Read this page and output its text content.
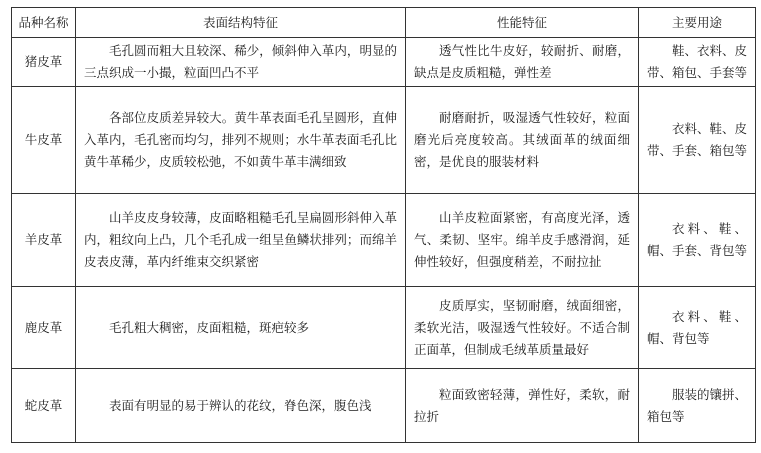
品种名称	表面结构特征	性能特征	主要用途
猪皮革	毛孔圆而粗大且较深、稀少，倾斜伸入革内，明显的三点织成一小撮，粒面凹凸不平	透气性比牛皮好，较耐折、耐磨，缺点是皮质粗糙，弹性差	鞋、衣料、皮带、箱包、手套等
牛皮革	各部位皮质差异较大。黄牛革表面毛孔呈圆形，直伸入革内，毛孔密而均匀，排列不规则；水牛革表面毛孔比黄牛革稀少，皮质较松弛，不如黄牛革丰满细致	耐磨耐折，吸湿透气性较好，粒面磨光后亮度较高。其绒面革的绒面细密，是优良的服装材料	衣料、鞋、皮带、手套、箱包等
羊皮革	山羊皮皮身较薄，皮面略粗糙毛孔呈扁圆形斜伸入革内，粗纹向上凸，几个毛孔成一组呈鱼鳞状排列；而绵羊皮表皮薄，革内纤维束交织紧密	山羊皮粒面紧密，有高度光泽，透气、柔韧、坚牢。绵羊皮手感滑润，延伸性较好，但强度稍差，不耐拉扯	衣料、鞋、帽、手套、背包等
鹿皮革	毛孔粗大稠密，皮面粗糙，斑疤较多	皮质厚实，坚韧耐磨，绒面细密，柔软光洁，吸湿透气性较好。不适合制正面革，但制成毛绒革质量最好	衣料、鞋、帽、背包等
蛇皮革	表面有明显的易于辨认的花纹，脊色深，腹色浅	粒面致密轻薄，弹性好，柔软，耐拉折	服装的镶拼、箱包等
